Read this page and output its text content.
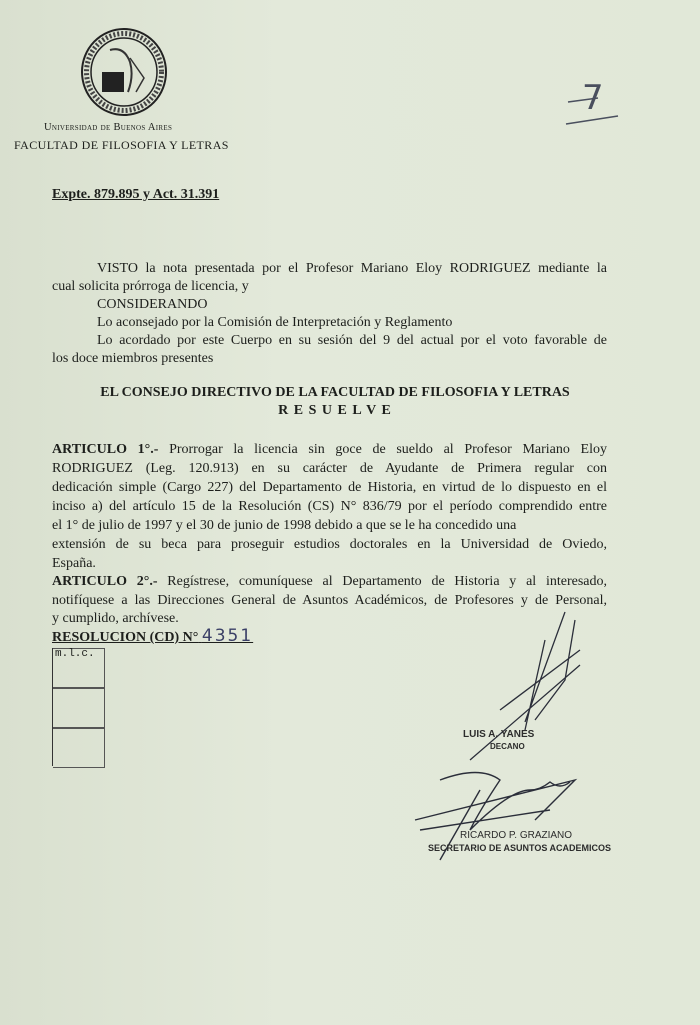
Universidad de Buenos Aires
FACULTAD DE FILOSOFIA Y LETRAS
7
Expte. 879.895 y Act. 31.391
VISTO la nota presentada por el Profesor Mariano Eloy RODRIGUEZ mediante la
cual solicita prórroga de licencia, y
CONSIDERANDO
Lo aconsejado por la Comisión de Interpretación y Reglamento
Lo acordado por este Cuerpo en su sesión del 9 del actual por el voto favorable de
los doce miembros presentes
EL CONSEJO DIRECTIVO DE LA FACULTAD DE FILOSOFIA Y LETRAS
R E S U E L V E
ARTICULO 1°.- Prorrogar la licencia sin goce de sueldo al Profesor Mariano Eloy
RODRIGUEZ (Leg. 120.913) en su carácter de Ayudante de Primera regular con
dedicación simple (Cargo 227) del Departamento de Historia, en virtud de lo dispuesto en el
inciso a) del artículo 15 de la Resolución (CS) N° 836/79 por el período comprendido entre
el 1° de julio de 1997 y el 30 de junio de 1998 debido a que se le ha concedido una
extensión de su beca para proseguir estudios doctorales en la Universidad de Oviedo,
España.
ARTICULO 2°.- Regístrese, comuníquese al Departamento de Historia y al interesado,
notifíquese a las Direcciones General de Asuntos Académicos, de Profesores y de Personal,
y cumplido, archívese.
RESOLUCION (CD) N° 4351
m.l.c.
LUIS A. YANES
DECANO
RICARDO P. GRAZIANO
SECRETARIO DE ASUNTOS ACADEMICOS
